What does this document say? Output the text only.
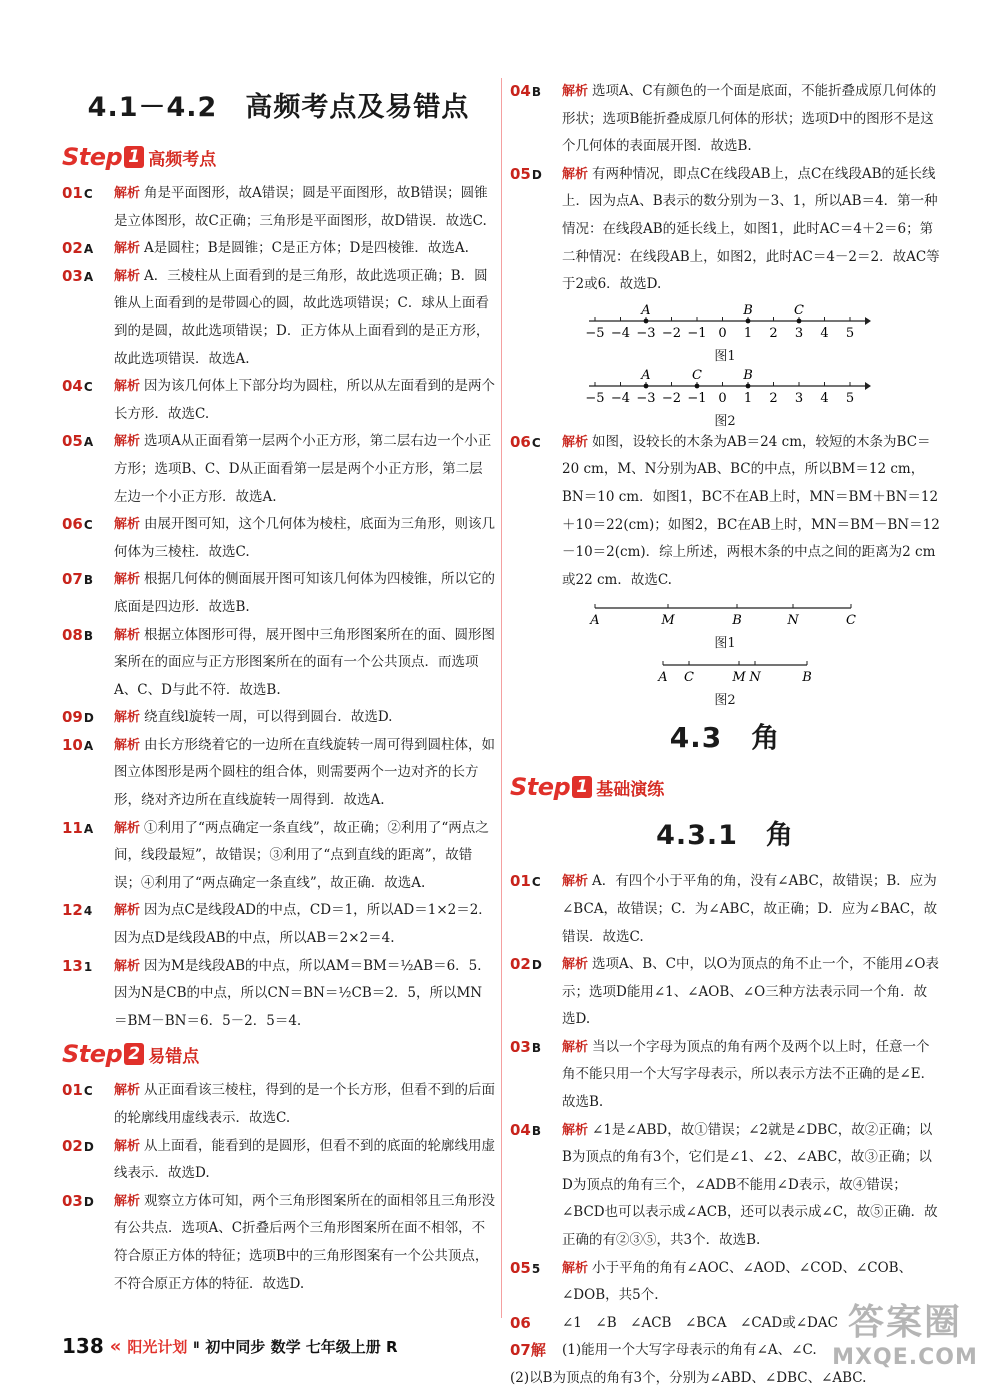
4.1－4.2　高频考点及易错点
Step 1 高频考点
01C	解析 角是平面图形，故A错误；圆是平面图形，故B错误；圆锥是立体图形，故C正确；三角形是平面图形，故D错误．故选C.
02A	解析 A是圆柱；B是圆锥；C是正方体；D是四棱锥．故选A.
03A	解析 A．三棱柱从上面看到的是三角形，故此选项正确；B．圆锥从上面看到的是带圆心的圆，故此选项错误；C．球从上面看到的是圆，故此选项错误；D．正方体从上面看到的是正方形，故此选项错误．故选A.
04C	解析 因为该几何体上下部分均为圆柱，所以从左面看到的是两个长方形．故选C.
05A	解析 选项A从正面看第一层两个小正方形，第二层右边一个小正方形；选项B、C、D从正面看第一层是两个小正方形，第二层左边一个小正方形．故选A.
06C	解析 由展开图可知，这个几何体为棱柱，底面为三角形，则该几何体为三棱柱．故选C.
07B	解析 根据几何体的侧面展开图可知该几何体为四棱锥，所以它的底面是四边形．故选B.
08B	解析 根据立体图形可得，展开图中三角形图案所在的面、圆形图案所在的面应与正方形图案所在的面有一个公共顶点．而选项A、C、D与此不符．故选B.
09D	解析 绕直线l旋转一周，可以得到圆台．故选D.
10A	解析 由长方形绕着它的一边所在直线旋转一周可得到圆柱体，如图立体图形是两个圆柱的组合体，则需要两个一边对齐的长方形，绕对齐边所在直线旋转一周得到．故选A.
11A	解析 ①利用了“两点确定一条直线”，故正确；②利用了“两点之间，线段最短”，故错误；③利用了“点到直线的距离”，故错误；④利用了“两点确定一条直线”，故正确．故选A.
124	解析 因为点C是线段AD的中点，CD＝1，所以AD＝1×2＝2．因为点D是线段AB的中点，所以AB＝2×2＝4.
131	解析 因为M是线段AB的中点，所以AM＝BM＝½AB＝6．5．因为N是CB的中点，所以CN＝BN＝½CB＝2．5，所以MN＝BM－BN＝6．5－2．5＝4.
Step 2 易错点
01C	解析 从正面看该三棱柱，得到的是一个长方形，但看不到的后面的轮廓线用虚线表示．故选C.
02D	解析 从上面看，能看到的是圆形，但看不到的底面的轮廓线用虚线表示．故选D.
03D	解析 观察立方体可知，两个三角形图案所在的面相邻且三角形没有公共点．选项A、C折叠后两个三角形图案所在面不相邻，不符合原正方体的特征；选项B中的三角形图案有一个公共顶点，不符合原正方体的特征．故选D.
04B	解析 选项A、C有颜色的一个面是底面，不能折叠成原几何体的形状；选项B能折叠成原几何体的形状；选项D中的图形不是这个几何体的表面展开图．故选B.
05D	解析 有两种情况，即点C在线段AB上，点C在线段AB的延长线上．因为点A、B表示的数分别为－3、1，所以AB＝4．第一种情况：在线段AB的延长线上，如图1，此时AC＝4＋2＝6；第二种情况：在线段AB上，如图2，此时AC＝4－2＝2．故AC等于2或6．故选D.
−5 −4 −3 −2 −1 0 1 2 3 4 5
A	B	C
图1
−5 −4 −3 −2 −1 0 1 2 3 4 5
A	C	B
图2
06C	解析 如图，设较长的木条为AB＝24 cm，较短的木条为BC＝20 cm，M、N分别为AB、BC的中点，所以BM＝12 cm，BN＝10 cm．如图1，BC不在AB上时，MN＝BM＋BN＝12＋10＝22(cm)；如图2，BC在AB上时，MN＝BM－BN＝12－10＝2(cm)．综上所述，两根木条的中点之间的距离为2 cm或22 cm．故选C.
A	M	B	N	C
图1
A C	M N	B
图2
4.3　角
Step 1 基础演练
4.3.1　角
01C	解析 A．有四个小于平角的角，没有∠ABC，故错误；B．应为∠BCA，故错误；C．为∠ABC，故正确；D．应为∠BAC，故错误．故选C.
02D	解析 选项A、B、C中，以O为顶点的角不止一个，不能用∠O表示；选项D能用∠1、∠AOB、∠O三种方法表示同一个角．故选D.
03B	解析 当以一个字母为顶点的角有两个及两个以上时，任意一个角不能只用一个大写字母表示，所以表示方法不正确的是∠E．故选B.
04B	解析 ∠1是∠ABD，故①错误；∠2就是∠DBC，故②正确；以B为顶点的角有3个，它们是∠1、∠2、∠ABC，故③正确；以D为顶点的角有三个，∠ADB不能用∠D表示，故④错误；∠BCD也可以表示成∠ACB，还可以表示成∠C，故⑤正确．故正确的有②③⑤，共3个．故选B.
055	解析 小于平角的角有∠AOC、∠AOD、∠COD、∠COB、∠DOB，共5个.
06	∠1　∠B　∠ACB　∠BCA　∠CAD或∠DAC
07解	(1)能用一个大写字母表示的角有∠A、∠C.
(2)以B为顶点的角有3个，分别为∠ABD、∠DBC、∠ABC.
138 « 阳光计划 Ⅱ 初中同步 数学 七年级上册 R
答案圈
MXQE.COM
